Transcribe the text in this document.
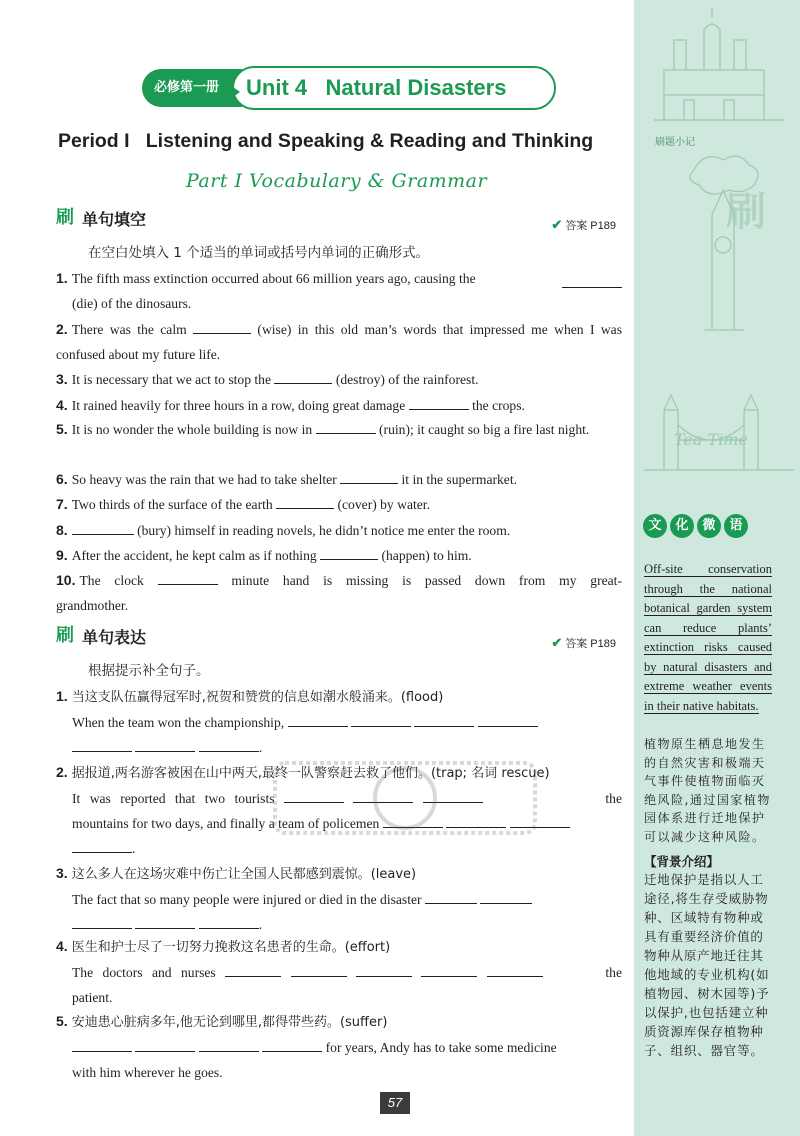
刷
Tea Time
刷题小记
文	化	微	语
Off-site conservation through the national botanical garden system can reduce plants’ extinction risks caused by natural disasters and extreme weather events in their native habitats.
植物原生栖息地发生的自然灾害和极端天气事件使植物面临灭绝风险,通过国家植物园体系进行迁地保护可以减少这种风险。
【背景介绍】
迁地保护是指以人工途径,将生存受威胁物种、区域特有物种或具有重要经济价值的物种从原产地迁往其他地域的专业机构(如植物园、树木园等)予以保护,也包括建立种质资源库保存植物种子、组织、器官等。
必修第一册	Unit 4   Natural Disasters
Period I   Listening and Speaking & Reading and Thinking
Part I Vocabulary & Grammar
刷 单句填空	✔ 答案 P189
在空白处填入 1 个适当的单词或括号内单词的正确形式。
1. The fifth mass extinction occurred about 66 million years ago, causing the
(die) of the dinosaurs.
2. There was the calm	(wise) in this old man’s words that impressed me when I was confused about my future life.
3. It is necessary that we act to stop the	(destroy) of the rainforest.
4. It rained heavily for three hours in a row, doing great damage	the crops.
5. It is no wonder the whole building is now in	(ruin); it caught so big a fire last night.
6. So heavy was the rain that we had to take shelter	it in the supermarket.
7. Two thirds of the surface of the earth	(cover) by water.
8.	(bury) himself in reading novels, he didn’t notice me enter the room.
9. After the accident, he kept calm as if nothing	(happen) to him.
10. The clock	minute hand is missing is passed down from my great-grandmother.
刷 单句表达	✔ 答案 P189
根据提示补全句子。
1. 当这支队伍赢得冠军时,祝贺和赞赏的信息如潮水般涌来。(flood)
When the team won the championship,
.
2. 据报道,两名游客被困在山中两天,最终一队警察赶去救了他们。(trap; 名词 rescue)
It was reported that two tourists	the
mountains for two days, and finally a team of policemen
.
3. 这么多人在这场灾难中伤亡让全国人民都感到震惊。(leave)
The fact that so many people were injured or died in the disaster
.
4. 医生和护士尽了一切努力挽救这名患者的生命。(effort)
The doctors and nurses	the
patient.
5. 安迪患心脏病多年,他无论到哪里,都得带些药。(suffer)
for years, Andy has to take some medicine
with him wherever he goes.
57
